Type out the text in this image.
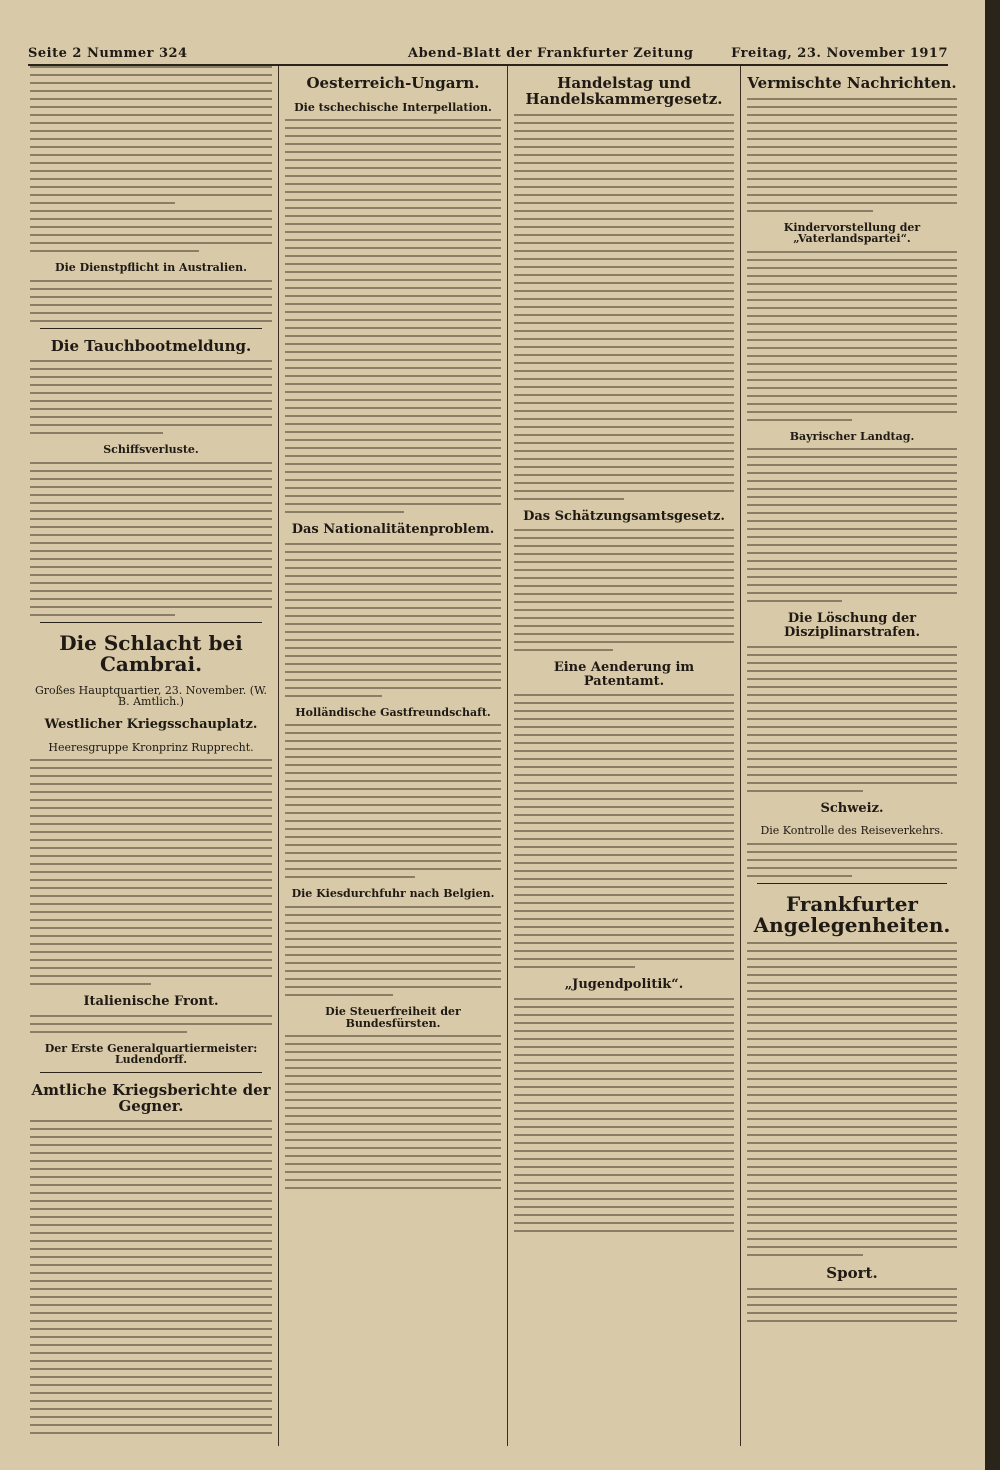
Seite 2 Nummer 324	Abend-Blatt der Frankfurter Zeitung	Freitag, 23. November 1917
Die Dienstpflicht in Australien.
Die Tauchbootmeldung.
Schiffsverluste.
Die Schlacht bei Cambrai.
Großes Hauptquartier, 23. November. (W. B. Amtlich.)
Westlicher Kriegsschauplatz.
Heeresgruppe Kronprinz Rupprecht.
Italienische Front.
Der Erste Generalquartiermeister: Ludendorff.
Amtliche Kriegsberichte der Gegner.
Oesterreich-Ungarn.
Die tschechische Interpellation.
Das Nationalitätenproblem.
Holländische Gastfreundschaft.
Die Kiesdurchfuhr nach Belgien.
Die Steuerfreiheit der Bundesfürsten.
Handelstag und Handelskammergesetz.
Das Schätzungsamtsgesetz.
Eine Aenderung im Patentamt.
„Jugendpolitik“.
Vermischte Nachrichten.
Kindervorstellung der „Vaterlandspartei“.
Bayrischer Landtag.
Die Löschung der Disziplinarstrafen.
Schweiz.
Die Kontrolle des Reiseverkehrs.
Frankfurter Angelegenheiten.
Sport.
